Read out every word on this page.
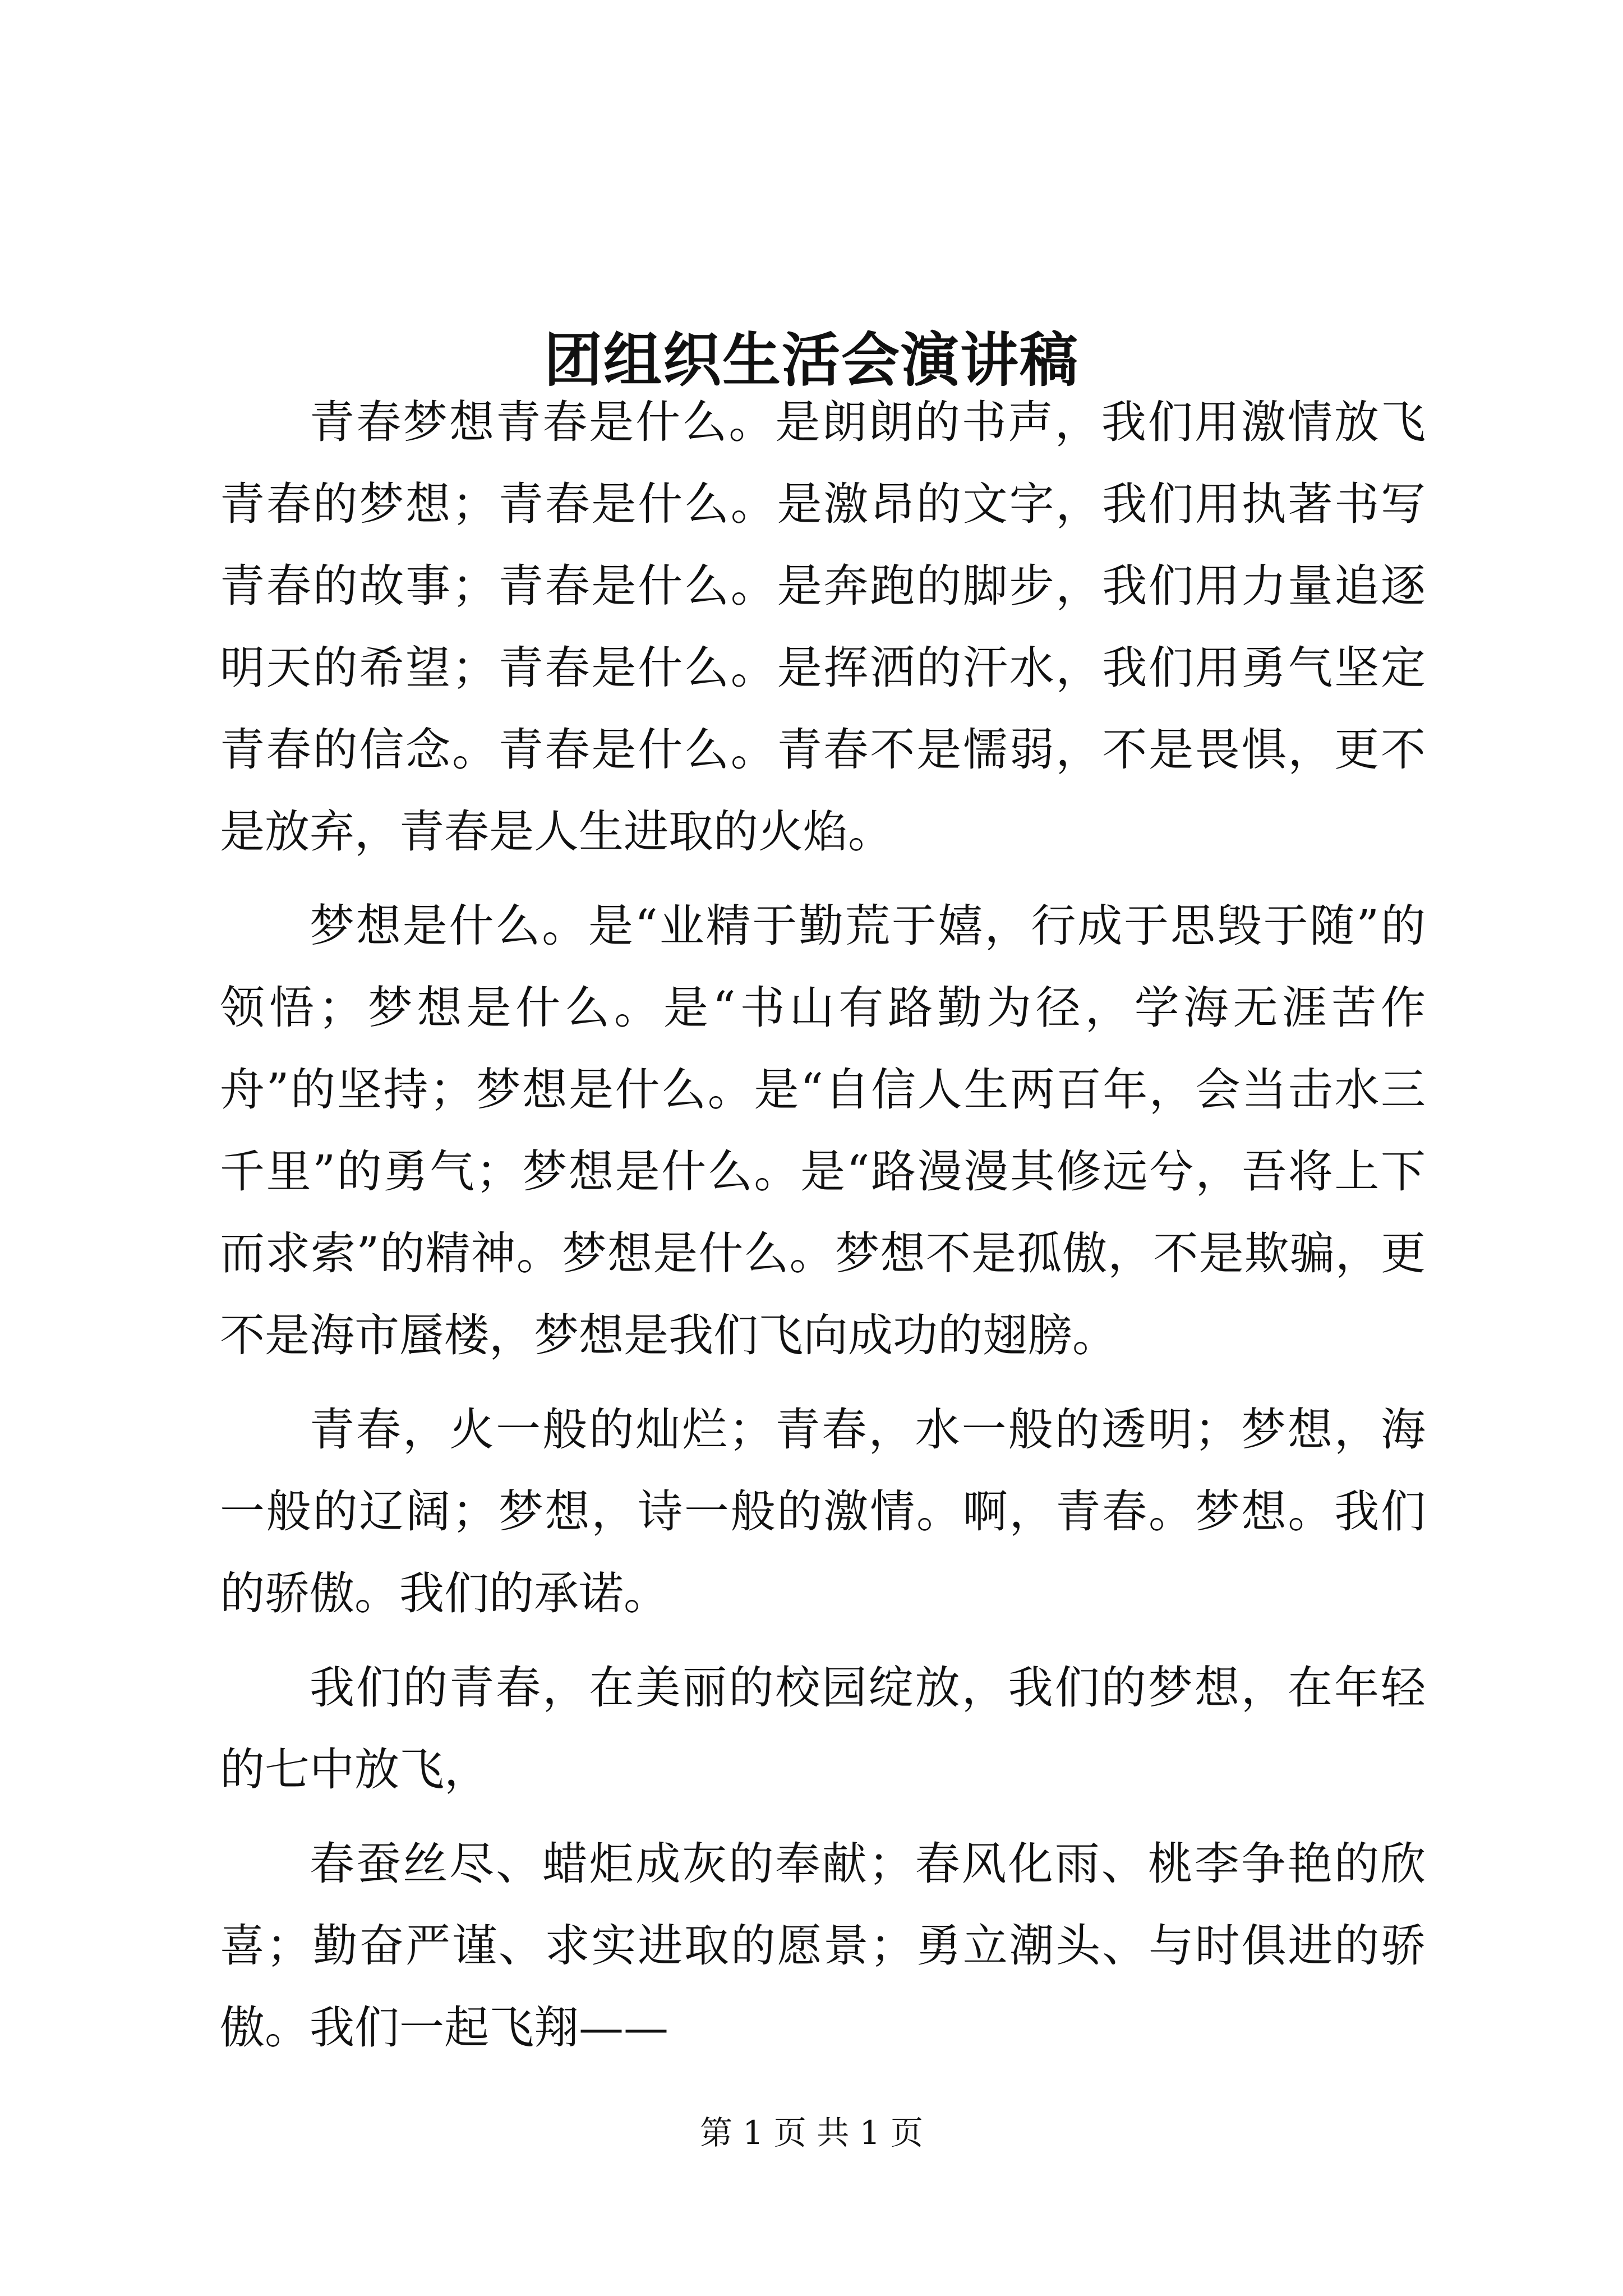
团组织生活会演讲稿

青春梦想青春是什么。是朗朗的书声，我们用激情放飞青春的梦想；青春是什么。是激昂的文字，我们用执著书写青春的故事；青春是什么。是奔跑的脚步，我们用力量追逐明天的希望；青春是什么。是挥洒的汗水，我们用勇气坚定青春的信念。青春是什么。青春不是懦弱，不是畏惧，更不是放弃，青春是人生进取的火焰。

梦想是什么。是“业精于勤荒于嬉，行成于思毁于随”的领悟；梦想是什么。是“书山有路勤为径，学海无涯苦作舟”的坚持；梦想是什么。是“自信人生两百年，会当击水三千里”的勇气；梦想是什么。是“路漫漫其修远兮，吾将上下而求索”的精神。梦想是什么。梦想不是孤傲，不是欺骗，更不是海市蜃楼，梦想是我们飞向成功的翅膀。

青春，火一般的灿烂；青春，水一般的透明；梦想，海一般的辽阔；梦想，诗一般的激情。啊，青春。梦想。我们的骄傲。我们的承诺。

我们的青春，在美丽的校园绽放，我们的梦想，在年轻的七中放飞，

春蚕丝尽、蜡炬成灰的奉献；春风化雨、桃李争艳的欣喜；勤奋严谨、求实进取的愿景；勇立潮头、与时俱进的骄傲。我们一起飞翔——

第 1 页 共 1 页
